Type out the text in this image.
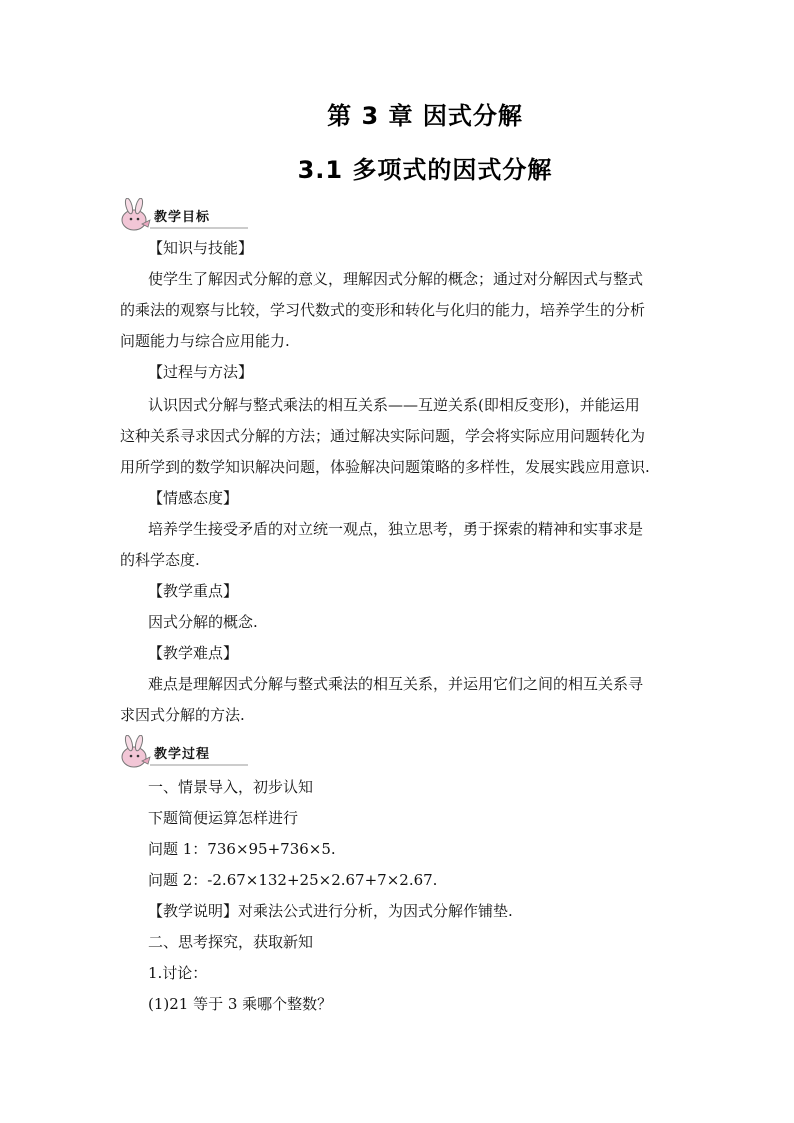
第 3 章 因式分解
3.1 多项式的因式分解
教学目标
【知识与技能】
使学生了解因式分解的意义，理解因式分解的概念；通过对分解因式与整式
的乘法的观察与比较，学习代数式的变形和转化与化归的能力，培养学生的分析
问题能力与综合应用能力.
【过程与方法】
认识因式分解与整式乘法的相互关系——互逆关系(即相反变形)，并能运用
这种关系寻求因式分解的方法；通过解决实际问题，学会将实际应用问题转化为
用所学到的数学知识解决问题，体验解决问题策略的多样性，发展实践应用意识.
【情感态度】
培养学生接受矛盾的对立统一观点，独立思考，勇于探索的精神和实事求是
的科学态度.
【教学重点】
因式分解的概念.
【教学难点】
难点是理解因式分解与整式乘法的相互关系，并运用它们之间的相互关系寻
求因式分解的方法.
教学过程
一、情景导入，初步认知
下题简便运算怎样进行
问题 1：736×95+736×5.
问题 2：-2.67×132+25×2.67+7×2.67.
【教学说明】对乘法公式进行分析，为因式分解作铺垫.
二、思考探究，获取新知
1.讨论：
(1)21 等于 3 乘哪个整数？
